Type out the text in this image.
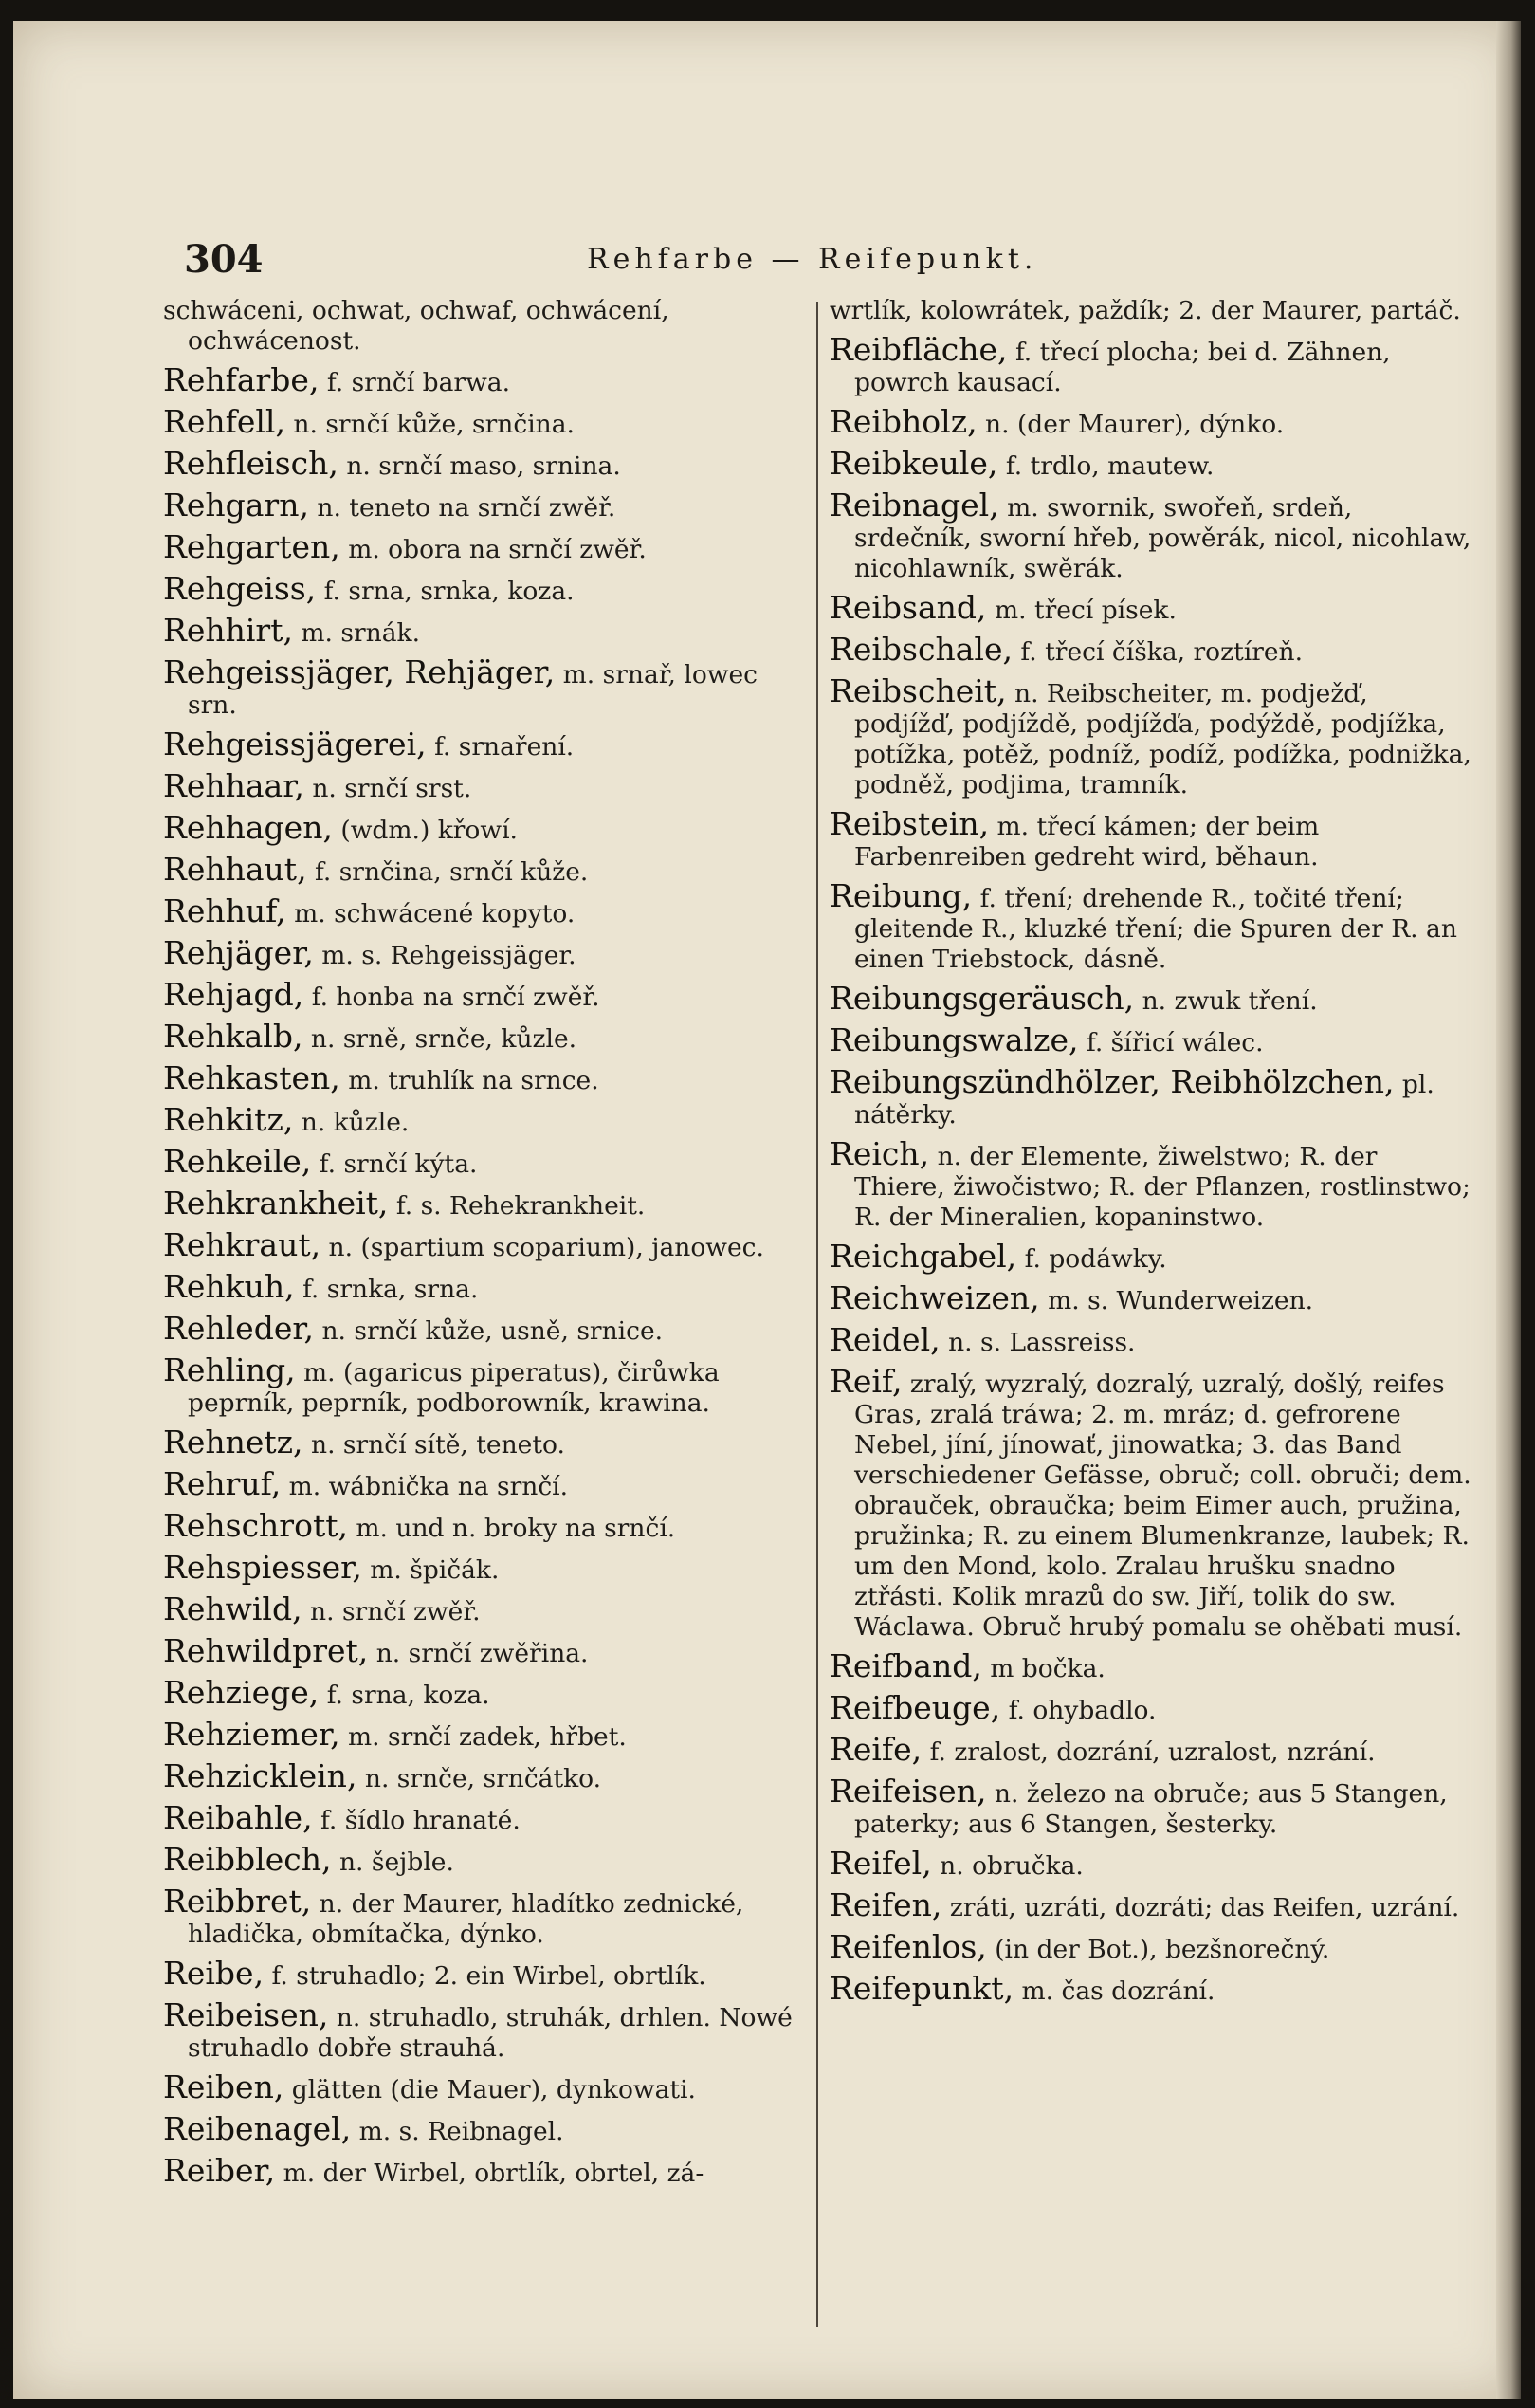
304	Rehfarbe — Reifepunkt.
schwáceni, ochwat, ochwaf, ochwácení, ochwácenost.
Rehfarbe, f. srnčí barwa.
Rehfell, n. srnčí kůže, srnčina.
Rehfleisch, n. srnčí maso, srnina.
Rehgarn, n. teneto na srnčí zwěř.
Rehgarten, m. obora na srnčí zwěř.
Rehgeiss, f. srna, srnka, koza.
Rehhirt, m. srnák.
Rehgeissjäger, Rehjäger, m. srnař, lowec srn.
Rehgeissjägerei, f. srnaření.
Rehhaar, n. srnčí srst.
Rehhagen, (wdm.) křowí.
Rehhaut, f. srnčina, srnčí kůže.
Rehhuf, m. schwácené kopyto.
Rehjäger, m. s. Rehgeissjäger.
Rehjagd, f. honba na srnčí zwěř.
Rehkalb, n. srně, srnče, kůzle.
Rehkasten, m. truhlík na srnce.
Rehkitz, n. kůzle.
Rehkeile, f. srnčí kýta.
Rehkrankheit, f. s. Rehekrankheit.
Rehkraut, n. (spartium scoparium), janowec.
Rehkuh, f. srnka, srna.
Rehleder, n. srnčí kůže, usně, srnice.
Rehling, m. (agaricus piperatus), čirůwka peprník, peprník, podborowník, krawina.
Rehnetz, n. srnčí sítě, teneto.
Rehruf, m. wábnička na srnčí.
Rehschrott, m. und n. broky na srnčí.
Rehspiesser, m. špičák.
Rehwild, n. srnčí zwěř.
Rehwildpret, n. srnčí zwěřina.
Rehziege, f. srna, koza.
Rehziemer, m. srnčí zadek, hřbet.
Rehzicklein, n. srnče, srnčátko.
Reibahle, f. šídlo hranaté.
Reibblech, n. šejble.
Reibbret, n. der Maurer, hladítko zednické, hladička, obmítačka, dýnko.
Reibe, f. struhadlo; 2. ein Wirbel, obrtlík.
Reibeisen, n. struhadlo, struhák, drhlen. Nowé struhadlo dobře strauhá.
Reiben, glätten (die Mauer), dynkowati.
Reibenagel, m. s. Reibnagel.
Reiber, m. der Wirbel, obrtlík, obrtel, zá-
wrtlík, kolowrátek, paždík; 2. der Maurer, partáč.
Reibfläche, f. třecí plocha; bei d. Zähnen, powrch kausací.
Reibholz, n. (der Maurer), dýnko.
Reibkeule, f. trdlo, mautew.
Reibnagel, m. swornik, swořeň, srdeň, srdečník, sworní hřeb, powěrák, nicol, nicohlaw, nicohlawník, swěrák.
Reibsand, m. třecí písek.
Reibschale, f. třecí číška, roztíreň.
Reibscheit, n. Reibscheiter, m. podježď, podjížď, podjíždě, podjížďa, podýždě, podjížka, potížka, potěž, podníž, podíž, podížka, podnižka, podněž, podjima, tramník.
Reibstein, m. třecí kámen; der beim Farbenreiben gedreht wird, běhaun.
Reibung, f. tření; drehende R., točité tření; gleitende R., kluzké tření; die Spuren der R. an einen Triebstock, dásně.
Reibungsgeräusch, n. zwuk tření.
Reibungswalze, f. šířicí wálec.
Reibungszündhölzer, Reibhölzchen, pl. nátěrky.
Reich, n. der Elemente, žiwelstwo; R. der Thiere, žiwočistwo; R. der Pflanzen, rostlinstwo; R. der Mineralien, kopaninstwo.
Reichgabel, f. podáwky.
Reichweizen, m. s. Wunderweizen.
Reidel, n. s. Lassreiss.
Reif, zralý, wyzralý, dozralý, uzralý, došlý, reifes Gras, zralá tráwa; 2. m. mráz; d. gefrorene Nebel, jíní, jínowať, jinowatka; 3. das Band verschiedener Gefässe, obruč; coll. obruči; dem. obrauček, obraučka; beim Eimer auch, pružina, pružinka; R. zu einem Blumenkranze, laubek; R. um den Mond, kolo. Zralau hrušku snadno ztřásti. Kolik mrazů do sw. Jiří, tolik do sw. Wáclawa. Obruč hrubý pomalu se ohěbati musí.
Reifband, m bočka.
Reifbeuge, f. ohybadlo.
Reife, f. zralost, dozrání, uzralost, nzrání.
Reifeisen, n. železo na obruče; aus 5 Stangen, paterky; aus 6 Stangen, šesterky.
Reifel, n. obručka.
Reifen, zráti, uzráti, dozráti; das Reifen, uzrání.
Reifenlos, (in der Bot.), bezšnorečný.
Reifepunkt, m. čas dozrání.
